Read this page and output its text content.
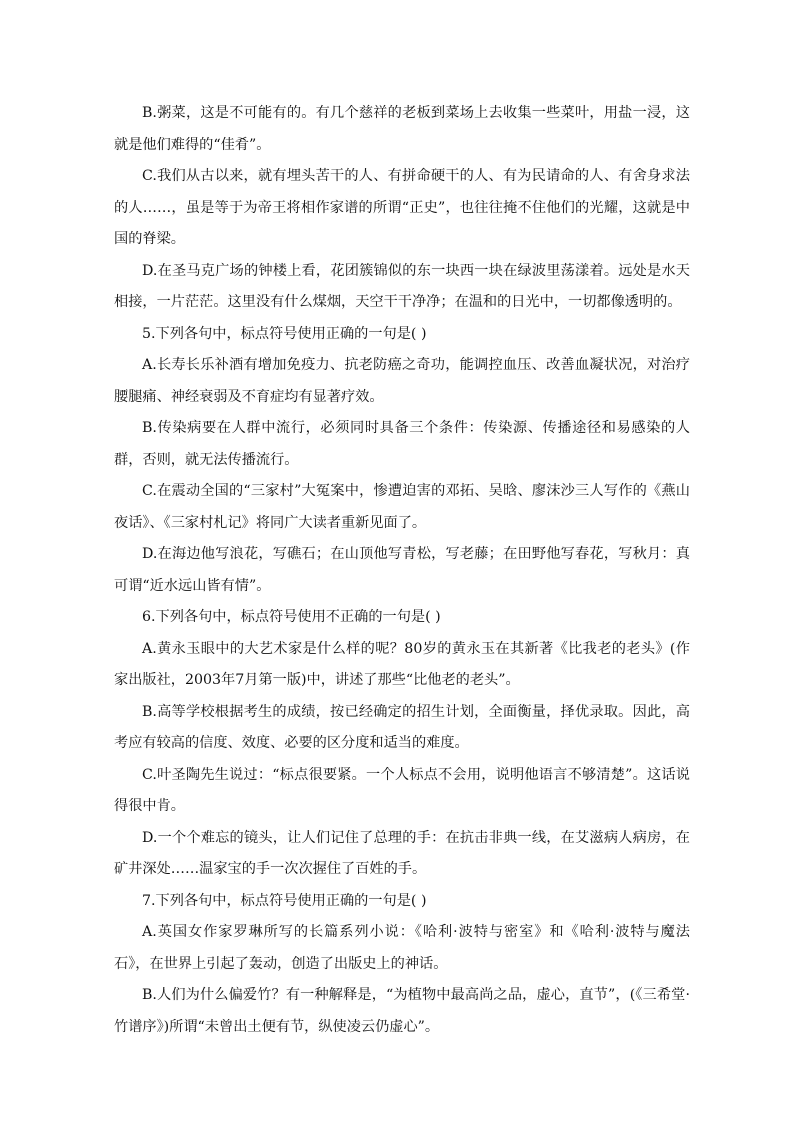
B.粥菜，这是不可能有的。有几个慈祥的老板到菜场上去收集一些菜叶，用盐一浸，这就是他们难得的“佳肴”。

C.我们从古以来，就有埋头苦干的人、有拼命硬干的人、有为民请命的人、有舍身求法的人……，虽是等于为帝王将相作家谱的所谓“正史”，也往往掩不住他们的光耀，这就是中国的脊梁。

D.在圣马克广场的钟楼上看，花团簇锦似的东一块西一块在绿波里荡漾着。远处是水天相接，一片茫茫。这里没有什么煤烟，天空干干净净；在温和的日光中，一切都像透明的。

5.下列各句中，标点符号使用正确的一句是( )

A.长寿长乐补酒有增加免疫力、抗老防癌之奇功，能调控血压、改善血凝状况，对治疗腰腿痛、神经衰弱及不育症均有显著疗效。

B.传染病要在人群中流行，必须同时具备三个条件：传染源、传播途径和易感染的人群，否则，就无法传播流行。

C.在震动全国的“三家村”大冤案中，惨遭迫害的邓拓、吴晗、廖沫沙三人写作的《燕山夜话》、《三家村札记》将同广大读者重新见面了。

D.在海边他写浪花，写礁石；在山顶他写青松，写老藤；在田野他写春花，写秋月：真可谓“近水远山皆有情”。

6.下列各句中，标点符号使用不正确的一句是( )

A.黄永玉眼中的大艺术家是什么样的呢？80岁的黄永玉在其新著《比我老的老头》(作家出版社，2003年7月第一版)中，讲述了那些“比他老的老头”。

B.高等学校根据考生的成绩，按已经确定的招生计划，全面衡量，择优录取。因此，高考应有较高的信度、效度、必要的区分度和适当的难度。

C.叶圣陶先生说过：“标点很要紧。一个人标点不会用，说明他语言不够清楚”。这话说得很中肯。

D.一个个难忘的镜头，让人们记住了总理的手：在抗击非典一线，在艾滋病人病房，在矿井深处……温家宝的手一次次握住了百姓的手。

7.下列各句中，标点符号使用正确的一句是( )

A.英国女作家罗琳所写的长篇系列小说：《哈利·波特与密室》和《哈利·波特与魔法石》，在世界上引起了轰动，创造了出版史上的神话。

B.人们为什么偏爱竹？有一种解释是，“为植物中最高尚之品，虚心，直节”，(《三希堂·竹谱序》)所谓“未曾出土便有节，纵使凌云仍虚心”。
